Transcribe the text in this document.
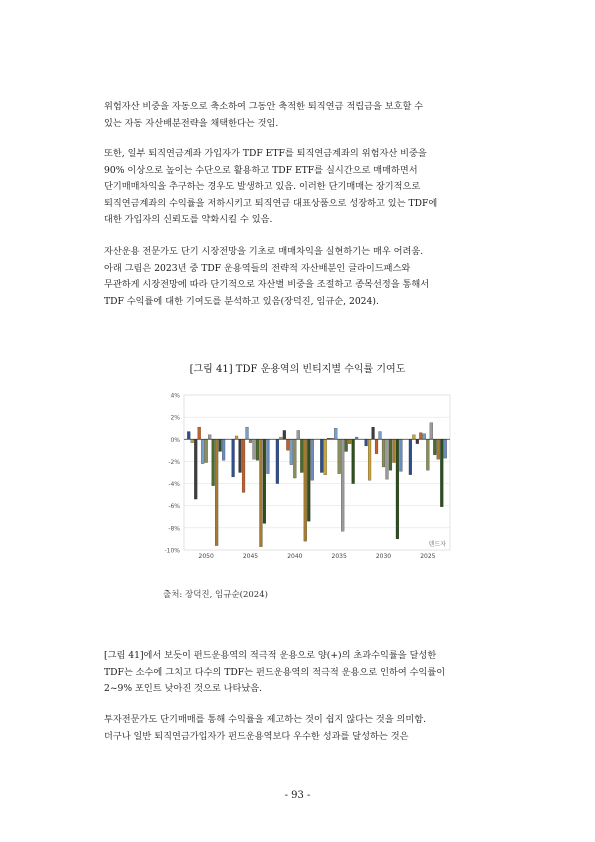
위험자산 비중을 자동으로 축소하여 그동안 축적한 퇴직연금 적립금을 보호할 수
있는 자동 자산배분전략을 채택한다는 것임.
또한, 일부 퇴직연금계좌 가입자가 TDF ETF를 퇴직연금계좌의 위험자산 비중을
90% 이상으로 높이는 수단으로 활용하고 TDF ETF를 실시간으로 매매하면서
단기매매차익을 추구하는 경우도 발생하고 있음. 이러한 단기매매는 장기적으로
퇴직연금계좌의 수익률을 저하시키고 퇴직연금 대표상품으로 성장하고 있는 TDF에
대한 가입자의 신뢰도를 약화시킬 수 있음.
자산운용 전문가도 단기 시장전망을 기초로 매매차익을 실현하기는 매우 어려움.
아래 그림은 2023년 중 TDF 운용역들의 전략적 자산배분인 글라이드패스와
무관하게 시장전망에 따라 단기적으로 자산별 비중을 조절하고 종목선정을 통해서
TDF 수익률에 대한 기여도를 분석하고 있음(장덕진, 임규순, 2024).
[그림 41] TDF 운용역의 빈티지별 수익률 기여도
4%
2%
0%
-2%
-4%
-6%
-8%
-10%
2050	2045	2040	2035	2030	2025
덴드자
출처: 장덕진, 임규순(2024)
[그림 41]에서 보듯이 펀드운용역의 적극적 운용으로 양(+)의 초과수익률을 달성한
TDF는 소수에 그치고 다수의 TDF는 펀드운용역의 적극적 운용으로 인하여 수익률이
2~9% 포인트 낮아진 것으로 나타났음.
투자전문가도 단기매매를 통해 수익률을 제고하는 것이 쉽지 않다는 것을 의미함.
더구나 일반 퇴직연금가입자가 펀드운용역보다 우수한 성과를 달성하는 것은
- 93 -
